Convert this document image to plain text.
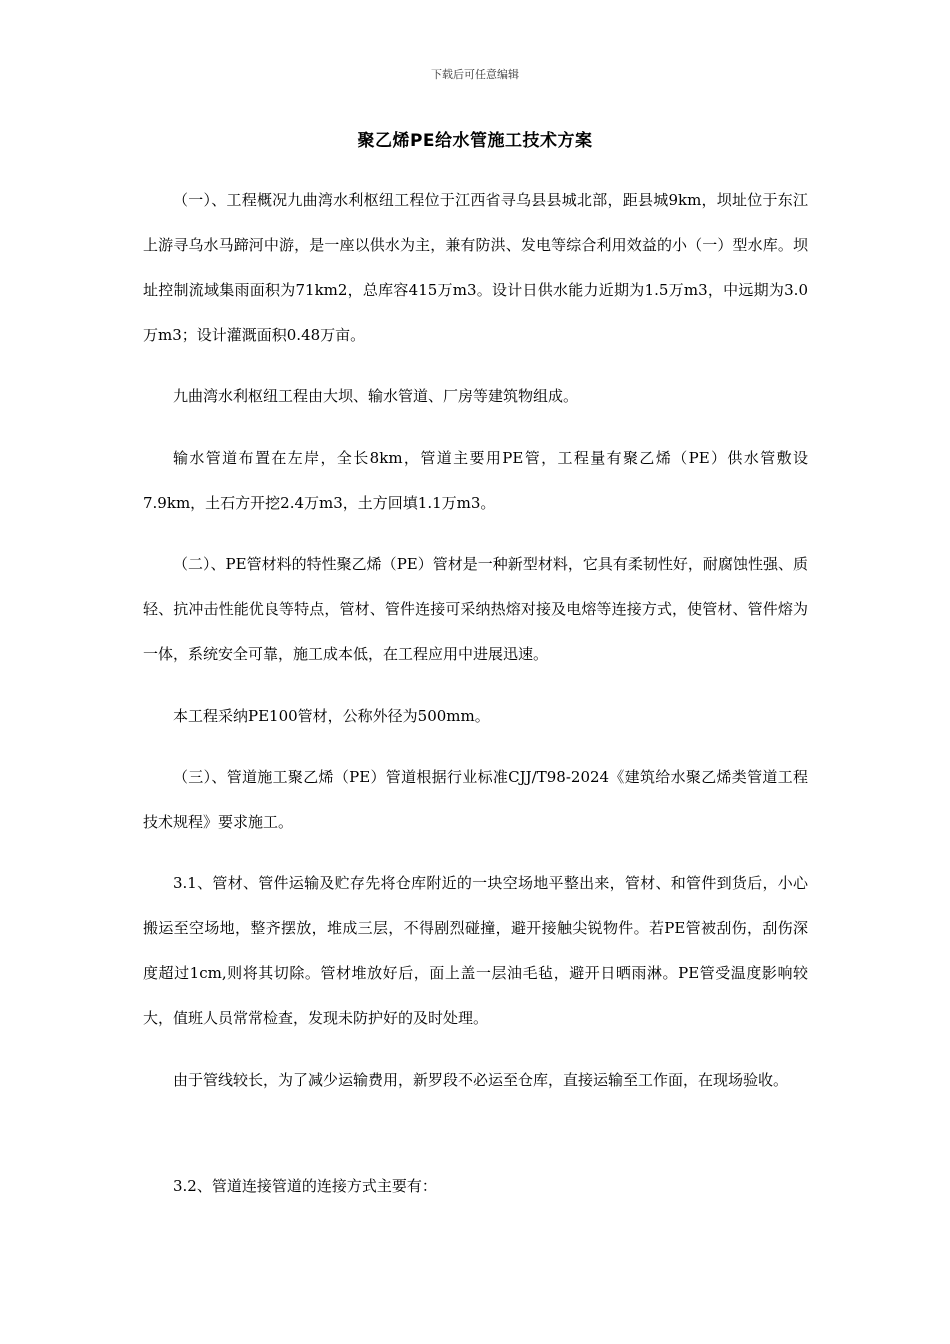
下载后可任意编辑
聚乙烯PE给水管施工技术方案

（一）、工程概况九曲湾水利枢纽工程位于江西省寻乌县县城北部，距县城9km，坝址位于东江上游寻乌水马蹄河中游，是一座以供水为主，兼有防洪、发电等综合利用效益的小（一）型水库。坝址控制流域集雨面积为71km2，总库容415万m3。设计日供水能力近期为1.5万m3，中远期为3.0万m3；设计灌溉面积0.48万亩。

九曲湾水利枢纽工程由大坝、输水管道、厂房等建筑物组成。

输水管道布置在左岸，全长8km，管道主要用PE管，工程量有聚乙烯（PE）供水管敷设7.9km，土石方开挖2.4万m3，土方回填1.1万m3。

（二）、PE管材料的特性聚乙烯（PE）管材是一种新型材料，它具有柔韧性好，耐腐蚀性强、质轻、抗冲击性能优良等特点，管材、管件连接可采纳热熔对接及电熔等连接方式，使管材、管件熔为一体，系统安全可靠，施工成本低，在工程应用中进展迅速。

本工程采纳PE100管材，公称外径为500mm。

（三）、管道施工聚乙烯（PE）管道根据行业标准CJJ/T98-2024《建筑给水聚乙烯类管道工程技术规程》要求施工。

3.1、管材、管件运输及贮存先将仓库附近的一块空场地平整出来，管材、和管件到货后，小心搬运至空场地，整齐摆放，堆成三层，不得剧烈碰撞，避开接触尖锐物件。若PE管被刮伤，刮伤深度超过1cm,则将其切除。管材堆放好后，面上盖一层油毛毡，避开日晒雨淋。PE管受温度影响较大，值班人员常常检查，发现未防护好的及时处理。

由于管线较长，为了减少运输费用，新罗段不必运至仓库，直接运输至工作面，在现场验收。

3.2、管道连接管道的连接方式主要有：
